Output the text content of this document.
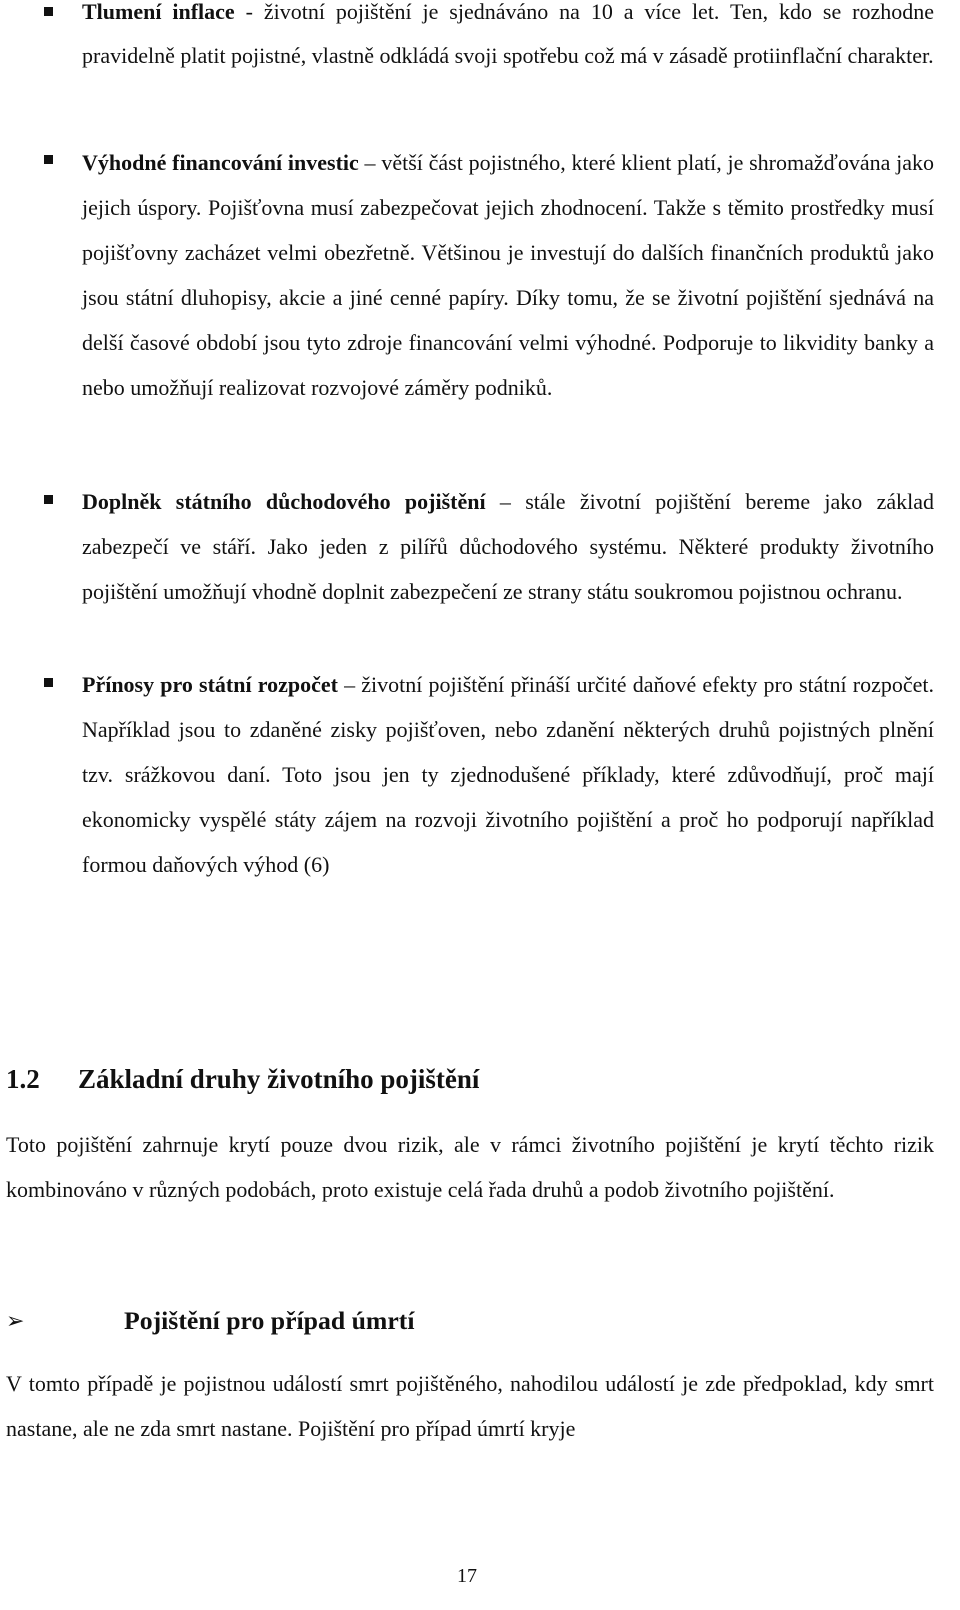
Tlumení inflace - životní pojištění je sjednáváno na 10 a více let. Ten, kdo se rozhodne pravidelně platit pojistné, vlastně odkládá svoji spotřebu což má v zásadě protiinflační charakter.

Výhodné financování investic – větší část pojistného, které klient platí, je shromažďována jako jejich úspory. Pojišťovna musí zabezpečovat jejich zhodnocení. Takže s těmito prostředky musí pojišťovny zacházet velmi obezřetně. Většinou je investují do dalších finančních produktů jako jsou státní dluhopisy, akcie a jiné cenné papíry. Díky tomu, že se životní pojištění sjednává na delší časové období jsou tyto zdroje financování velmi výhodné. Podporuje to likvidity banky a nebo umožňují realizovat rozvojové záměry podniků.

Doplněk státního důchodového pojištění – stále životní pojištění bereme jako základ zabezpečí ve stáří. Jako jeden z pilířů důchodového systému. Některé produkty životního pojištění umožňují vhodně doplnit zabezpečení ze strany státu soukromou pojistnou ochranu.

Přínosy pro státní rozpočet – životní pojištění přináší určité daňové efekty pro státní rozpočet. Například jsou to zdaněné zisky pojišťoven, nebo zdanění některých druhů pojistných plnění tzv. srážkovou daní. Toto jsou jen ty zjednodušené příklady, které zdůvodňují, proč mají ekonomicky vyspělé státy zájem na rozvoji životního pojištění a proč ho podporují například formou daňových výhod (6)

1.2 Základní druhy životního pojištění

Toto pojištění zahrnuje krytí pouze dvou rizik, ale v rámci životního pojištění je krytí těchto rizik kombinováno v různých podobách, proto existuje celá řada druhů a podob životního pojištění.

➢	Pojištění pro případ úmrtí

V tomto případě je pojistnou událostí smrt pojištěného, nahodilou událostí je zde předpoklad, kdy smrt nastane, ale ne zda smrt nastane. Pojištění pro případ úmrtí kryje

17
